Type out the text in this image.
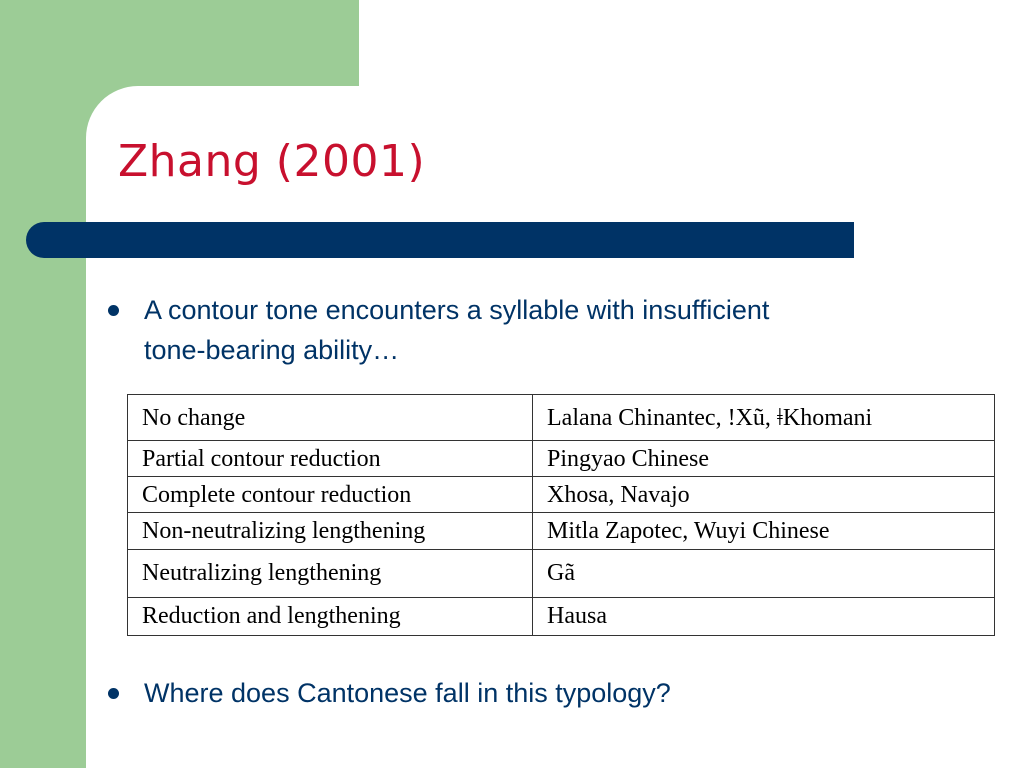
Zhang (2001)
A contour tone encounters a syllable with insufficient
tone-bearing ability…
No change	Lalana Chinantec, !Xũ, ǂKhomani
Partial contour reduction	Pingyao Chinese
Complete contour reduction	Xhosa, Navajo
Non-neutralizing lengthening	Mitla Zapotec, Wuyi Chinese
Neutralizing lengthening	Gã
Reduction and lengthening	Hausa
Where does Cantonese fall in this typology?
